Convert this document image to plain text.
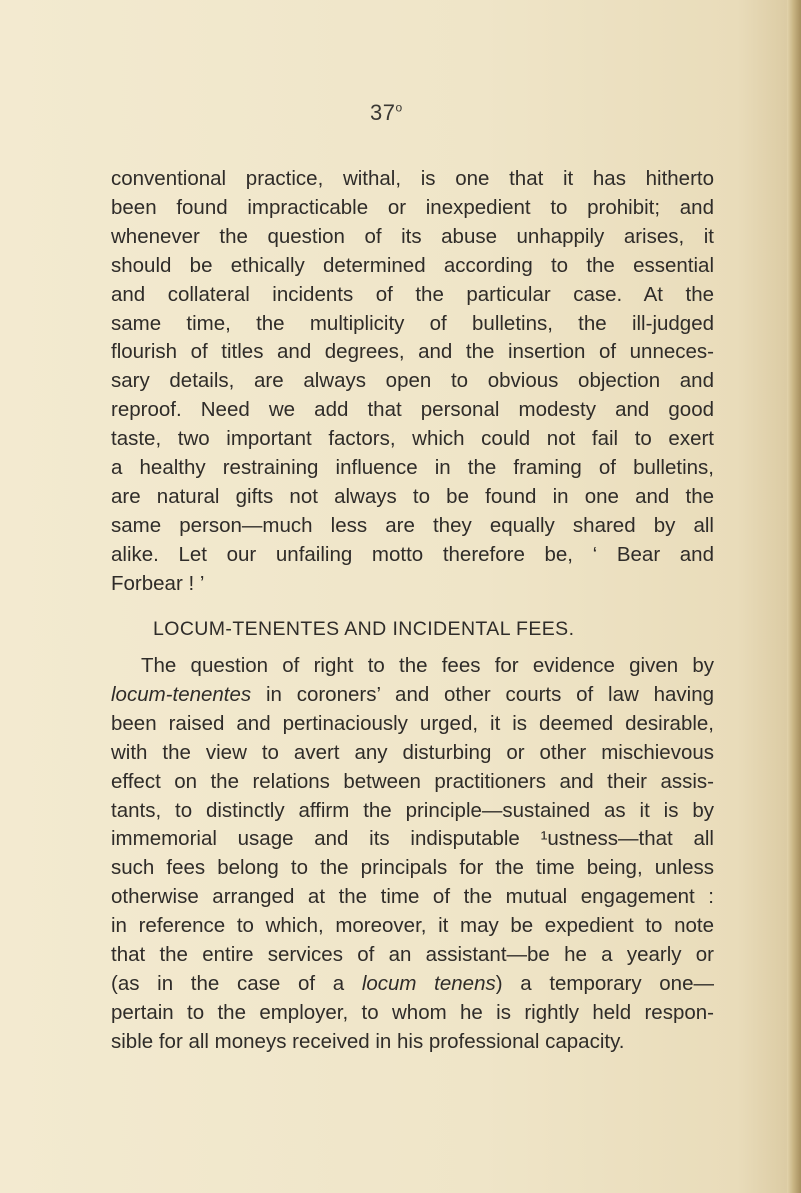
37$^o$
conventional practice, withal, is one that it has hitherto
been found impracticable or inexpedient to prohibit; and
whenever the question of its abuse unhappily arises, it
should be ethically determined according to the essential
and collateral incidents of the particular case. At the
same time, the multiplicity of bulletins, the ill-judged
flourish of titles and degrees, and the insertion of unneces-
sary details, are always open to obvious objection and
reproof. Need we add that personal modesty and good
taste, two important factors, which could not fail to exert
a healthy restraining influence in the framing of bulletins,
are natural gifts not always to be found in one and the
same person—much less are they equally shared by all
alike. Let our unfailing motto therefore be, ‘ Bear and
Forbear ! ’
LOCUM-TENENTES AND INCIDENTAL FEES.
The question of right to the fees for evidence given by
locum-tenentes in coroners’ and other courts of law having
been raised and pertinaciously urged, it is deemed desirable,
with the view to avert any disturbing or other mischievous
effect on the relations between practitioners and their assis-
tants, to distinctly affirm the principle—sustained as it is by
immemorial usage and its indisputable ¹ustness—that all
such fees belong to the principals for the time being, unless
otherwise arranged at the time of the mutual engagement :
in reference to which, moreover, it may be expedient to note
that the entire services of an assistant—be he a yearly or
(as in the case of a locum tenens) a temporary one—
pertain to the employer, to whom he is rightly held respon-
sible for all moneys received in his professional capacity.
